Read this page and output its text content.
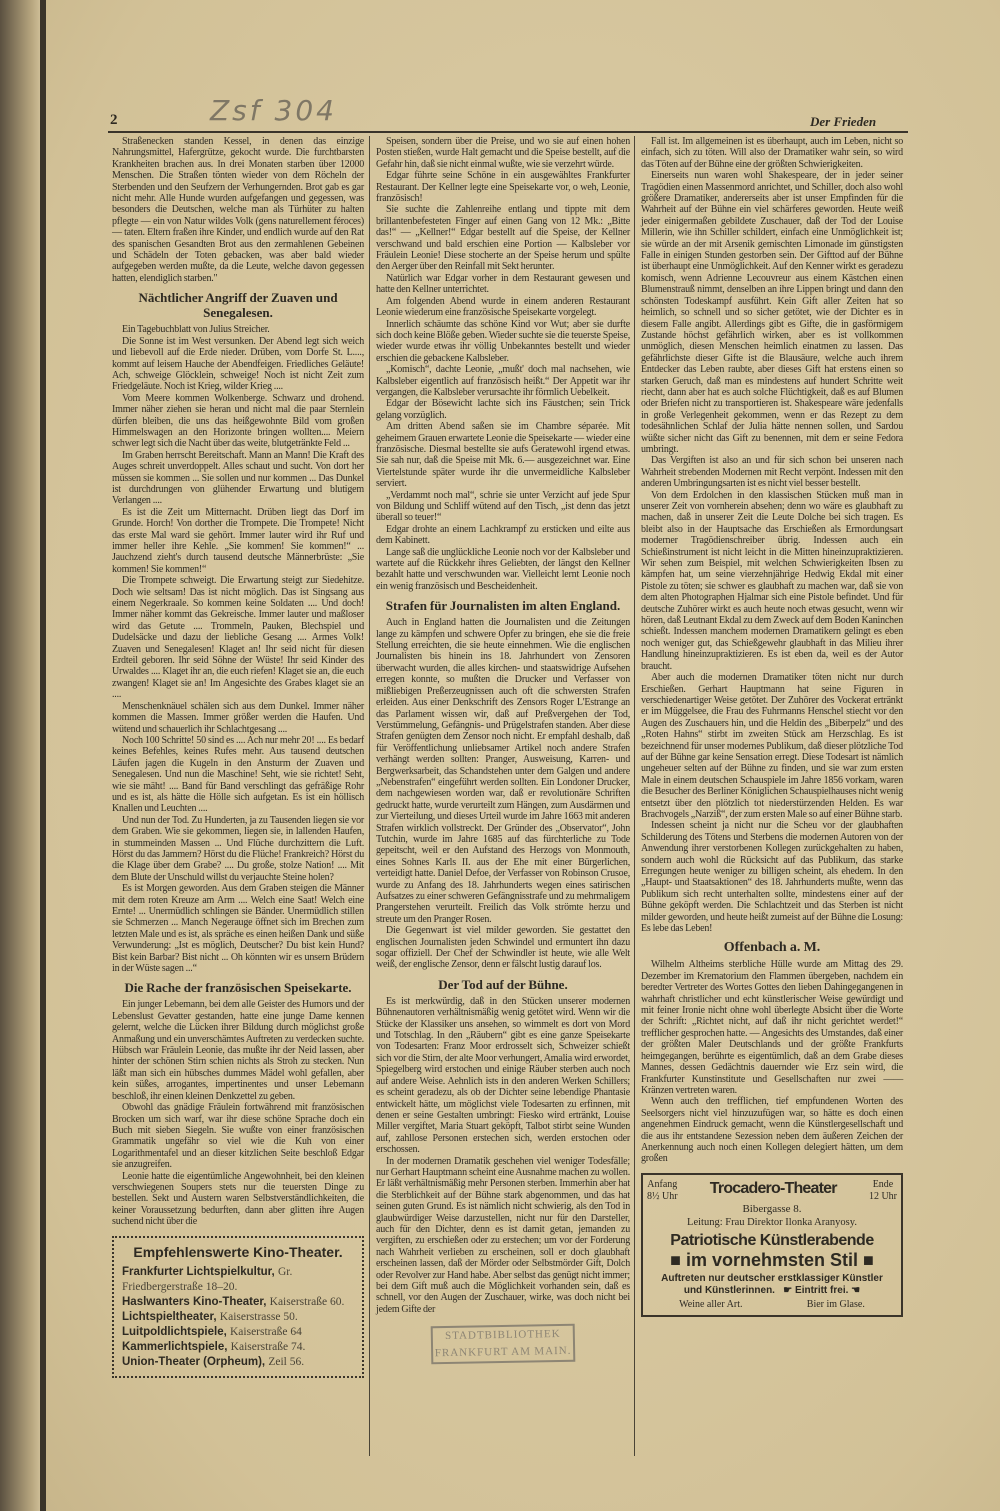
2	Zsf 304	Der Frieden

Straßenecken standen Kessel, in denen das einzige Nahrungsmittel, Hafergrütze, gekocht wurde. Die furchtbarsten Krankheiten brachen aus. In drei Monaten starben über 12000 Menschen. Die Straßen tönten wieder von dem Röcheln der Sterbenden und den Seufzern der Verhungernden. Brot gab es gar nicht mehr. Alle Hunde wurden aufgefangen und gegessen, was besonders die Deutschen, welche man als Türhüter zu halten pflegte — ein von Natur wildes Volk (gens naturellement féroces) — taten. Eltern fraßen ihre Kinder, und endlich wurde auf den Rat des spanischen Gesandten Brot aus den zermahlenen Gebeinen und Schädeln der Toten gebacken, was aber bald wieder aufgegeben werden mußte, da die Leute, welche davon gegessen hatten, elendiglich starben."

Nächtlicher Angriff der Zuaven und Senegalesen.

Ein Tagebuchblatt von Julius Streicher.

Die Sonne ist im West versunken. Der Abend legt sich weich und liebevoll auf die Erde nieder. Drüben, vom Dorfe St. L...., kommt auf leisem Hauche der Abendfeigen. Friedliches Geläute! Ach, schweige Glöcklein, schweige! Noch ist nicht Zeit zum Friedgeläute. Noch ist Krieg, wilder Krieg ....

Vom Meere kommen Wolkenberge. Schwarz und drohend. Immer näher ziehen sie heran und nicht mal die paar Sternlein dürfen bleiben, die uns das heißgewohnte Bild vom großen Himmelswagen an den Horizonte bringen wollten.... Meiern schwer legt sich die Nacht über das weite, blutgetränkte Feld ...

Im Graben herrscht Bereitschaft. Mann an Mann! Die Kraft des Auges schreit unverdoppelt. Alles schaut und sucht. Von dort her müssen sie kommen ... Sie sollen und nur kommen ... Das Dunkel ist durchdrungen von glühender Erwartung und blutigem Verlangen ....

Es ist die Zeit um Mitternacht. Drüben liegt das Dorf im Grunde. Horch! Von dorther die Trompete. Die Trompete! Nicht das erste Mal ward sie gehört. Immer lauter wird ihr Ruf und immer heller ihre Kehle. „Sie kommen! Sie kommen!“ ... Jauchzend zieht's durch tausend deutsche Männerbrüste: „Sie kommen! Sie kommen!“

Die Trompete schweigt. Die Erwartung steigt zur Siedehitze. Doch wie seltsam! Das ist nicht möglich. Das ist Singsang aus einem Negerkraale. So kommen keine Soldaten .... Und doch! Immer näher kommt das Gekreische. Immer lauter und maßloser wird das Getute .... Trommeln, Pauken, Blechspiel und Dudelsäcke und dazu der liebliche Gesang .... Armes Volk! Zuaven und Senegalesen! Klaget an! Ihr seid nicht für diesen Erdteil geboren. Ihr seid Söhne der Wüste! Ihr seid Kinder des Urwaldes .... Klaget ihr an, die euch riefen! Klaget sie an, die euch zwangen! Klaget sie an! Im Angesichte des Grabes klaget sie an ....

Menschenknäuel schälen sich aus dem Dunkel. Immer näher kommen die Massen. Immer größer werden die Haufen. Und wütend und schauerlich ihr Schlachtgesang ....

Noch 100 Schritte! 50 sind es .... Ach nur mehr 20! .... Es bedarf keines Befehles, keines Rufes mehr. Aus tausend deutschen Läufen jagen die Kugeln in den Ansturm der Zuaven und Senegalesen. Und nun die Maschine! Seht, wie sie richtet! Seht, wie sie mäht! .... Band für Band verschlingt das gefräßige Rohr und es ist, als hätte die Hölle sich aufgetan. Es ist ein höllisch Knallen und Leuchten ....

Und nun der Tod. Zu Hunderten, ja zu Tausenden liegen sie vor dem Graben. Wie sie gekommen, liegen sie, in lallenden Haufen, in stummeinden Massen ... Und Flüche durchzittern die Luft. Hörst du das Jammern? Hörst du die Flüche! Frankreich? Hörst du die Klage über dem Grabe? .... Du große, stolze Nation! .... Mit dem Blute der Unschuld willst du verjauchte Steine holen?

Es ist Morgen geworden. Aus dem Graben steigen die Männer mit dem roten Kreuze am Arm .... Welch eine Saat! Welch eine Ernte! ... Unermüdlich schlingen sie Bänder. Unermüdlich stillen sie Schmerzen ... Manch Negerauge öffnet sich im Brechen zum letzten Male und es ist, als spräche es einen heißen Dank und süße Verwunderung: „Ist es möglich, Deutscher? Du bist kein Hund? Bist kein Barbar? Bist nicht ... Oh könnten wir es unsern Brüdern in der Wüste sagen ...“

Die Rache der französischen Speisekarte.

Ein junger Lebemann, bei dem alle Geister des Humors und der Lebenslust Gevatter gestanden, hatte eine junge Dame kennen gelernt, welche die Lücken ihrer Bildung durch möglichst große Anmaßung und ein unverschämtes Auftreten zu verdecken suchte. Hübsch war Fräulein Leonie, das mußte ihr der Neid lassen, aber hinter der schönen Stirn schien nichts als Stroh zu stecken. Nun läßt man sich ein hübsches dummes Mädel wohl gefallen, aber kein süßes, arrogantes, impertinentes und unser Lebemann beschloß, ihr einen kleinen Denkzettel zu geben.

Obwohl das gnädige Fräulein fortwährend mit französischen Brocken um sich warf, war ihr diese schöne Sprache doch ein Buch mit sieben Siegeln. Sie wußte von einer französischen Grammatik ungefähr so viel wie die Kuh von einer Logarithmentafel und an dieser kitzlichen Seite beschloß Edgar sie anzugreifen.

Leonie hatte die eigentümliche Angewohnheit, bei den kleinen verschwiegenen Soupers stets nur die teuersten Dinge zu bestellen. Sekt und Austern waren Selbstverständlichkeiten, die keiner Voraussetzung bedurften, dann aber glitten ihre Augen suchend nicht über die

Empfehlenswerte Kino-Theater.
Frankfurter Lichtspielkultur, Gr. Friedbergerstraße 18–20.
Haslwanters Kino-Theater, Kaiserstraße 60.
Lichtspieltheater, Kaiserstrasse 50.
Luitpoldlichtspiele, Kaiserstraße 64
Kammerlichtspiele, Kaiserstraße 74.
Union-Theater (Orpheum), Zeil 56.

Speisen, sondern über die Preise, und wo sie auf einen hohen Posten stießen, wurde Halt gemacht und die Speise bestellt, auf die Gefahr hin, daß sie nicht einmal wußte, wie sie verzehrt würde.

Edgar führte seine Schöne in ein ausgewähltes Frankfurter Restaurant. Der Kellner legte eine Speisekarte vor, o weh, Leonie, französisch!

Sie suchte die Zahlenreihe entlang und tippte mit dem brillantenbefesteten Finger auf einen Gang von 12 Mk.: „Bitte das!“ — „Kellner!“ Edgar bestellt auf die Speise, der Kellner verschwand und bald erschien eine Portion — Kalbsleber vor Fräulein Leonie! Diese stocherte an der Speise herum und spülte den Aerger über den Reinfall mit Sekt herunter.

Natürlich war Edgar vorher in dem Restaurant gewesen und hatte den Kellner unterrichtet.

Am folgenden Abend wurde in einem anderen Restaurant Leonie wiederum eine französische Speisekarte vorgelegt.

Innerlich schäumte das schöne Kind vor Wut; aber sie durfte sich doch keine Blöße geben. Wieder suchte sie die teuerste Speise, wieder wurde etwas ihr völlig Unbekanntes bestellt und wieder erschien die gebackene Kalbsleber.

„Komisch“, dachte Leonie, „mußt' doch mal nachsehen, wie Kalbsleber eigentlich auf französisch heißt.“ Der Appetit war ihr vergangen, die Kalbsleber verursachte ihr förmlich Uebelkeit.

Edgar der Bösewicht lachte sich ins Fäustchen; sein Trick gelang vorzüglich.

Am dritten Abend saßen sie im Chambre séparée. Mit geheimem Grauen erwartete Leonie die Speisekarte — wieder eine französische. Diesmal bestellte sie aufs Geratewohl irgend etwas. Sie sah nur, daß die Speise mit Mk. 6.— ausgezeichnet war. Eine Viertelstunde später wurde ihr die unvermeidliche Kalbsleber serviert.

„Verdammt noch mal“, schrie sie unter Verzicht auf jede Spur von Bildung und Schliff wütend auf den Tisch, „ist denn das jetzt überall so teuer!“

Edgar drohte an einem Lachkrampf zu ersticken und eilte aus dem Kabinett.

Lange saß die unglückliche Leonie noch vor der Kalbsleber und wartete auf die Rückkehr ihres Geliebten, der längst den Kellner bezahlt hatte und verschwunden war. Vielleicht lernt Leonie noch ein wenig französisch und Bescheidenheit.

Strafen für Journalisten im alten England.

Auch in England hatten die Journalisten und die Zeitungen lange zu kämpfen und schwere Opfer zu bringen, ehe sie die freie Stellung erreichten, die sie heute einnehmen. Wie die englischen Journalisten bis hinein ins 18. Jahrhundert von Zensoren überwacht wurden, die alles kirchen- und staatswidrige Aufsehen erregen konnte, so mußten die Drucker und Verfasser von mißliebigen Preßerzeugnissen auch oft die schwersten Strafen erleiden. Aus einer Denkschrift des Zensors Roger L'Estrange an das Parlament wissen wir, daß auf Preßvergehen der Tod, Verstümmelung, Gefängnis- und Prügelstrafen standen. Aber diese Strafen genügten dem Zensor noch nicht. Er empfahl deshalb, daß für Veröffentlichung unliebsamer Artikel noch andere Strafen verhängt werden sollten: Pranger, Ausweisung, Karren- und Bergwerksarbeit, das Schandstehen unter dem Galgen und andere „Nebenstrafen“ eingeführt werden sollten. Ein Londoner Drucker, dem nachgewiesen worden war, daß er revolutionäre Schriften gedruckt hatte, wurde verurteilt zum Hängen, zum Ausdärmen und zur Vierteilung, und dieses Urteil wurde im Jahre 1663 mit anderen Strafen wirklich vollstreckt. Der Gründer des „Observator“, John Tutchin, wurde im Jahre 1685 auf das fürchterliche zu Tode gepeitscht, weil er den Aufstand des Herzogs von Monmouth, eines Sohnes Karls II. aus der Ehe mit einer Bürgerlichen, verteidigt hatte. Daniel Defoe, der Verfasser von Robinson Crusoe, wurde zu Anfang des 18. Jahrhunderts wegen eines satirischen Aufsatzes zu einer schweren Gefängnisstrafe und zu mehrmaligem Prangerstehen verurteilt. Freilich das Volk strömte herzu und streute um den Pranger Rosen.

Die Gegenwart ist viel milder geworden. Sie gestattet den englischen Journalisten jeden Schwindel und ermuntert ihn dazu sogar offiziell. Der Chef der Schwindler ist heute, wie alle Welt weiß, der englische Zensor, denn er fälscht lustig darauf los.

Der Tod auf der Bühne.

Es ist merkwürdig, daß in den Stücken unserer modernen Bühnenautoren verhältnismäßig wenig getötet wird. Wenn wir die Stücke der Klassiker uns ansehen, so wimmelt es dort von Mord und Totschlag. In den „Räubern“ gibt es eine ganze Speisekarte von Todesarten: Franz Moor erdrosselt sich, Schweizer schießt sich vor die Stirn, der alte Moor verhungert, Amalia wird erwordet, Spiegelberg wird erstochen und einige Räuber sterben auch noch auf andere Weise. Aehnlich ists in den anderen Werken Schillers; es scheint geradezu, als ob der Dichter seine lebendige Phantasie entwickelt hätte, um möglichst viele Todesarten zu erfinnen, mit denen er seine Gestalten umbringt: Fiesko wird ertränkt, Louise Miller vergiftet, Maria Stuart geköpft, Talbot stirbt seine Wunden auf, zahllose Personen erstechen sich, werden erstochen oder erschossen.

In der modernen Dramatik geschehen viel weniger Todesfälle; nur Gerhart Hauptmann scheint eine Ausnahme machen zu wollen. Er läßt verhältnismäßig mehr Personen sterben. Immerhin aber hat die Sterblichkeit auf der Bühne stark abgenommen, und das hat seinen guten Grund. Es ist nämlich nicht schwierig, als den Tod in glaubwürdiger Weise darzustellen, nicht nur für den Darsteller, auch für den Dichter, denn es ist damit getan, jemanden zu vergiften, zu erschießen oder zu erstechen; um vor der Forderung nach Wahrheit verlieben zu erscheinen, soll er doch glaubhaft erscheinen lassen, daß der Mörder oder Selbstmörder Gift, Dolch oder Revolver zur Hand habe. Aber selbst das genügt nicht immer; bei dem Gift muß auch die Möglichkeit vorhanden sein, daß es schnell, vor den Augen der Zuschauer, wirke, was doch nicht bei jedem Gifte der

STADTBIBLIOTHEK
FRANKFURT AM MAIN.

Fall ist. Im allgemeinen ist es überhaupt, auch im Leben, nicht so einfach, sich zu töten. Will also der Dramatiker wahr sein, so wird das Töten auf der Bühne eine der größten Schwierigkeiten.

Einerseits nun waren wohl Shakespeare, der in jeder seiner Tragödien einen Massenmord anrichtet, und Schiller, doch also wohl größere Dramatiker, andererseits aber ist unser Empfinden für die Wahrheit auf der Bühne ein viel schärferes geworden. Heute weiß jeder einigermaßen gebildete Zuschauer, daß der Tod der Louise Millerin, wie ihn Schiller schildert, einfach eine Unmöglichkeit ist; sie würde an der mit Arsenik gemischten Limonade im günstigsten Falle in einigen Stunden gestorben sein. Der Gifttod auf der Bühne ist überhaupt eine Unmöglichkeit. Auf den Kenner wirkt es geradezu komisch, wenn Adrienne Lecouvreur aus einem Kästchen einen Blumenstrauß nimmt, denselben an ihre Lippen bringt und dann den schönsten Todeskampf ausführt. Kein Gift aller Zeiten hat so heimlich, so schnell und so sicher getötet, wie der Dichter es in diesem Falle angibt. Allerdings gibt es Gifte, die in gasförmigem Zustande höchst gefährlich wirken, aber es ist vollkommen unmöglich, diesen Menschen heimlich einatmen zu lassen. Das gefährlichste dieser Gifte ist die Blausäure, welche auch ihrem Entdecker das Leben raubte, aber dieses Gift hat erstens einen so starken Geruch, daß man es mindestens auf hundert Schritte weit riecht, dann aber hat es auch solche Flüchtigkeit, daß es auf Blumen oder Briefen nicht zu transportieren ist. Shakespeare wäre jedenfalls in große Verlegenheit gekommen, wenn er das Rezept zu dem todesähnlichen Schlaf der Julia hätte nennen sollen, und Sardou wüßte sicher nicht das Gift zu benennen, mit dem er seine Fedora umbringt.

Das Vergiften ist also an und für sich schon bei unseren nach Wahrheit strebenden Modernen mit Recht verpönt. Indessen mit den anderen Umbringungsarten ist es nicht viel besser bestellt.

Von dem Erdolchen in den klassischen Stücken muß man in unserer Zeit von vornherein absehen; denn wo wäre es glaubhaft zu machen, daß in unserer Zeit die Leute Dolche bei sich tragen. Es bleibt also in der Hauptsache das Erschießen als Ermordungsart moderner Tragödienschreiber übrig. Indessen auch ein Schießinstrument ist nicht leicht in die Mitten hineinzupraktizieren. Wir sehen zum Beispiel, mit welchen Schwierigkeiten Ibsen zu kämpfen hat, um seine vierzehnjährige Hedwig Ekdal mit einer Pistole zu töten; sie schwer es glaubhaft zu machen war, daß sie von dem alten Photographen Hjalmar sich eine Pistole befindet. Und für deutsche Zuhörer wirkt es auch heute noch etwas gesucht, wenn wir hören, daß Leutnant Ekdal zu dem Zweck auf dem Boden Kaninchen schießt. Indessen manchem modernen Dramatikern gelingt es eben noch weniger gut, das Schießgewehr glaubhaft in das Milieu ihrer Handlung hineinzupraktizieren. Es ist eben da, weil es der Autor braucht.

Aber auch die modernen Dramatiker töten nicht nur durch Erschießen. Gerhart Hauptmann hat seine Figuren in verschiedenartiger Weise getötet. Der Zuhörer des Vockerat ertränkt er im Müggelsee, die Frau des Fuhrmanns Henschel stiecht vor den Augen des Zuschauers hin, und die Heldin des „Biberpelz“ und des „Roten Hahns“ stirbt im zweiten Stück am Herzschlag. Es ist bezeichnend für unser modernes Publikum, daß dieser plötzliche Tod auf der Bühne gar keine Sensation erregt. Diese Todesart ist nämlich ungeheuer selten auf der Bühne zu finden, und sie war zum ersten Male in einem deutschen Schauspiele im Jahre 1856 vorkam, waren die Besucher des Berliner Königlichen Schauspielhauses nicht wenig entsetzt über den plötzlich tot niederstürzenden Helden. Es war Brachvogels „Narziß“, der zum ersten Male so auf einer Bühne starb.

Indessen scheint ja nicht nur die Scheu vor der glaubhaften Schilderung des Tötens und Sterbens die modernen Autoren von der Anwendung ihrer verstorbenen Kollegen zurückgehalten zu haben, sondern auch wohl die Rücksicht auf das Publikum, das starke Erregungen heute weniger zu billigen scheint, als ehedem. In den „Haupt- und Staatsaktionen“ des 18. Jahrhunderts mußte, wenn das Publikum sich recht unterhalten sollte, mindestens einer auf der Bühne geköpft werden. Die Schlachtzeit und das Sterben ist nicht milder geworden, und heute heißt zumeist auf der Bühne die Losung: Es lebe das Leben!

Offenbach a. M.

Wilhelm Altheims sterbliche Hülle wurde am Mittag des 29. Dezember im Krematorium den Flammen übergeben, nachdem ein beredter Vertreter des Wortes Gottes den lieben Dahingegangenen in wahrhaft christlicher und echt künstlerischer Weise gewürdigt und mit feiner Ironie nicht ohne wohl überlegte Absicht über die Worte der Schrift: „Richtet nicht, auf daß ihr nicht gerichtet werdet!“ trefflicher gesprochen hatte. — Angesichts des Umstandes, daß einer der größten Maler Deutschlands und der größte Frankfurts heimgegangen, berührte es eigentümlich, daß an dem Grabe dieses Mannes, dessen Gedächtnis dauernder wie Erz sein wird, die Frankfurter Kunstinstitute und Gesellschaften nur zwei —— Kränzen vertreten waren.

Wenn auch den trefflichen, tief empfundenen Worten des Seelsorgers nicht viel hinzuzufügen war, so hätte es doch einen angenehmen Eindruck gemacht, wenn die Künstlergesellschaft und die aus ihr entstandene Sezession neben dem äußeren Zeichen der Anerkennung auch noch einen Kollegen delegiert hätten, um dem großen

Anfang
8½ Uhr	Trocadero-Theater	Ende
12 Uhr
Bibergasse 8.
Leitung: Frau Direktor Ilonka Aranyosy.
Patriotische Künstlerabende
■ im vornehmsten Stil ■
Auftreten nur deutscher erstklassiger Künstler
und Künstlerinnen. ☛ Eintritt frei. ☚
Weine aller Art.	Bier im Glase.
